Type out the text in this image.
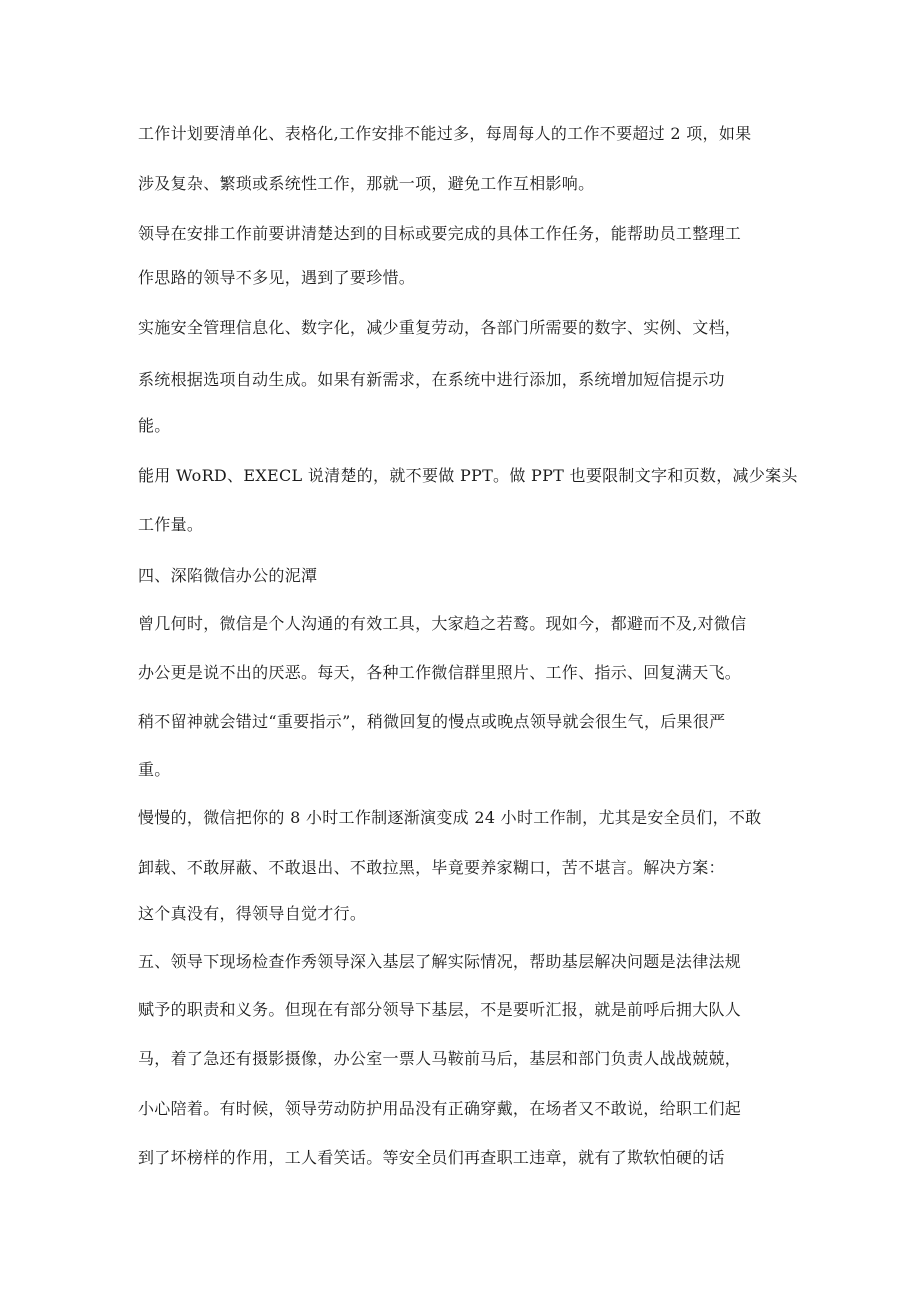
工作计划要清单化、表格化,工作安排不能过多，每周每人的工作不要超过 2 项，如果
涉及复杂、繁琐或系统性工作，那就一项，避免工作互相影响。
领导在安排工作前要讲清楚达到的目标或要完成的具体工作任务，能帮助员工整理工
作思路的领导不多见，遇到了要珍惜。
实施安全管理信息化、数字化，减少重复劳动，各部门所需要的数字、实例、文档，
系统根据选项自动生成。如果有新需求，在系统中进行添加，系统增加短信提示功
能。
能用 WoRD、EXECL 说清楚的，就不要做 PPT。做 PPT 也要限制文字和页数，减少案头
工作量。
四、深陷微信办公的泥潭
曾几何时，微信是个人沟通的有效工具，大家趋之若鹜。现如今，都避而不及,对微信
办公更是说不出的厌恶。每天，各种工作微信群里照片、工作、指示、回复满天飞。
稍不留神就会错过“重要指示”，稍微回复的慢点或晚点领导就会很生气，后果很严
重。
慢慢的，微信把你的 8 小时工作制逐渐演变成 24 小时工作制，尤其是安全员们，不敢
卸载、不敢屏蔽、不敢退出、不敢拉黑，毕竟要养家糊口，苦不堪言。解决方案：
这个真没有，得领导自觉才行。
五、领导下现场检查作秀领导深入基层了解实际情况，帮助基层解决问题是法律法规
赋予的职责和义务。但现在有部分领导下基层，不是要听汇报，就是前呼后拥大队人
马，着了急还有摄影摄像，办公室一票人马鞍前马后，基层和部门负责人战战兢兢，
小心陪着。有时候，领导劳动防护用品没有正确穿戴，在场者又不敢说，给职工们起
到了坏榜样的作用，工人看笑话。等安全员们再查职工违章，就有了欺软怕硬的话
